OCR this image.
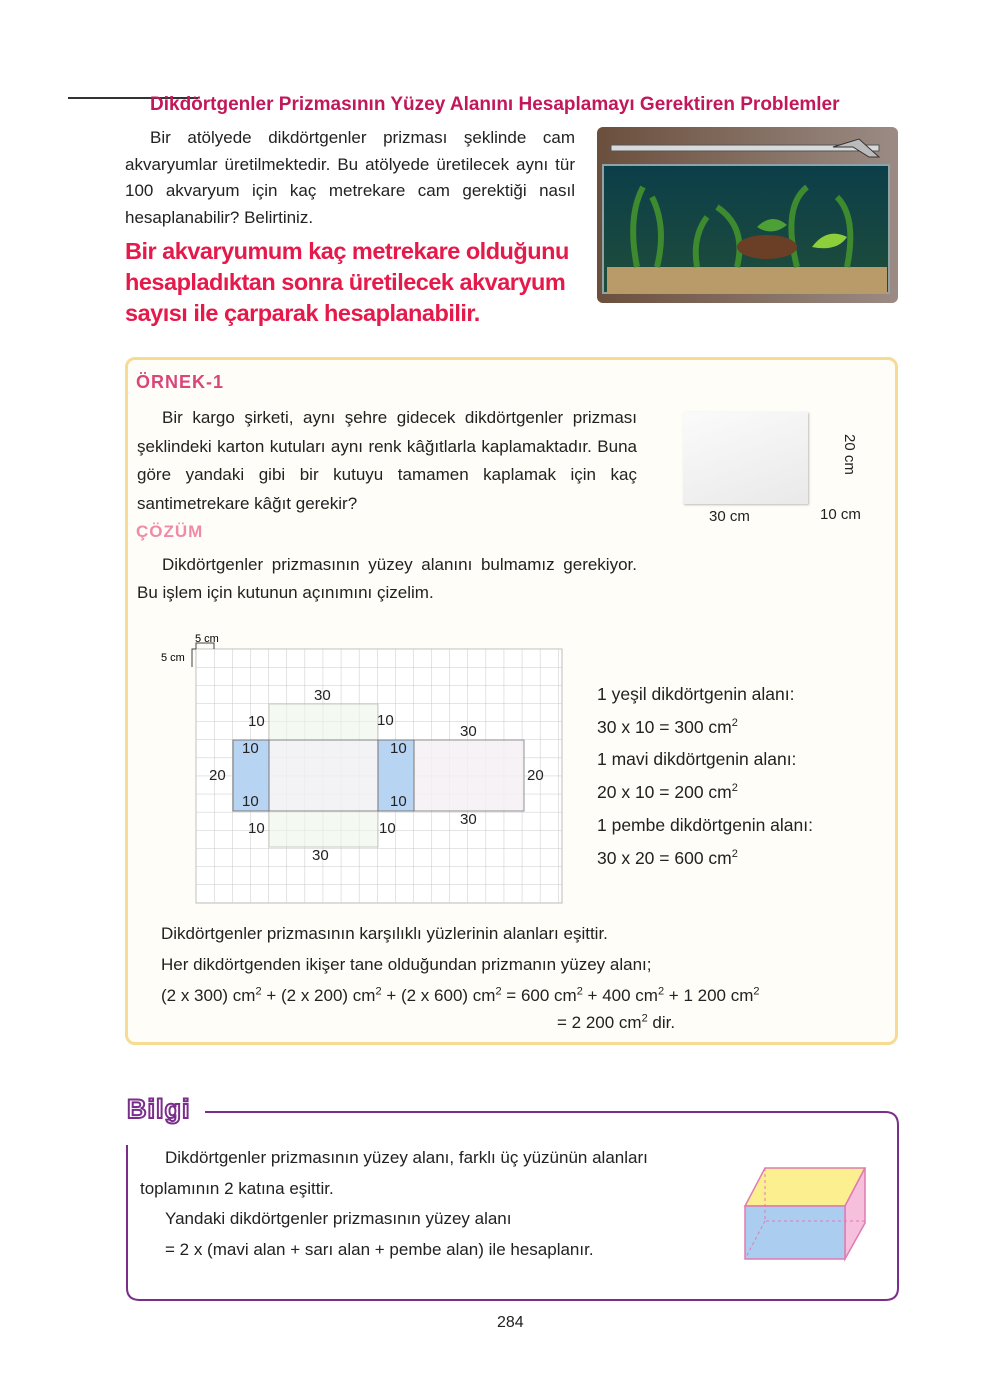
Dikdörtgenler Prizmasının Yüzey Alanını Hesaplamayı Gerektiren Problemler

Bir atölyede dikdörtgenler prizması şeklinde cam akvaryumlar üretilmektedir. Bu atölyede üretilecek aynı tür 100 akvaryum için kaç metrekare cam gerektiği nasıl hesaplanabilir? Belirtiniz.

Bir akvaryumum kaç metrekare olduğunu
hesapladıktan sonra üretilecek akvaryum
sayısı ile çarparak hesaplanabilir.
ÖRNEK-1

Bir kargo şirketi, aynı şehre gidecek dikdörtgenler prizması şeklindeki karton kutuları aynı renk kâğıtlarla kaplamaktadır. Buna göre yandaki gibi bir kutuyu tamamen kaplamak için kaç santimetrekare kâğıt gerekir?

30 cm	10 cm
20 cm
ÇÖZÜM

Dikdörtgenler prizmasının yüzey alanını bulmamız gerekiyor. Bu işlem için kutunun açınımını çizelim.

5 cm
5 cm
30
10	10
30
10	10
20	20
10	10
30
10	10
30
1 yeşil dikdörtgenin alanı:
30 x 10 = 300 $cm^2$
1 mavi dikdörtgenin alanı:
20 x 10 = 200 $cm^2$
1 pembe dikdörtgenin alanı:
30 x 20 = 600 $cm^2$
Dikdörtgenler prizmasının karşılıklı yüzlerinin alanları eşittir.
Her dikdörtgenden ikişer tane olduğundan prizmanın yüzey alanı;
(2 x 300) $cm^2 + (2$ x 200) $cm^2 + (2$ x 600) $cm^2 = 600$ $cm^2 + 400$ $cm^2 + 1$ 200 $cm^2$
= 2 200 $cm^2$ dir.
Bilgi

Dikdörtgenler prizmasının yüzey alanı, farklı üç yüzünün alanları toplamının 2 katına eşittir.

Yandaki dikdörtgenler prizmasının yüzey alanı

= 2 x (mavi alan + sarı alan + pembe alan) ile hesaplanır.

284
